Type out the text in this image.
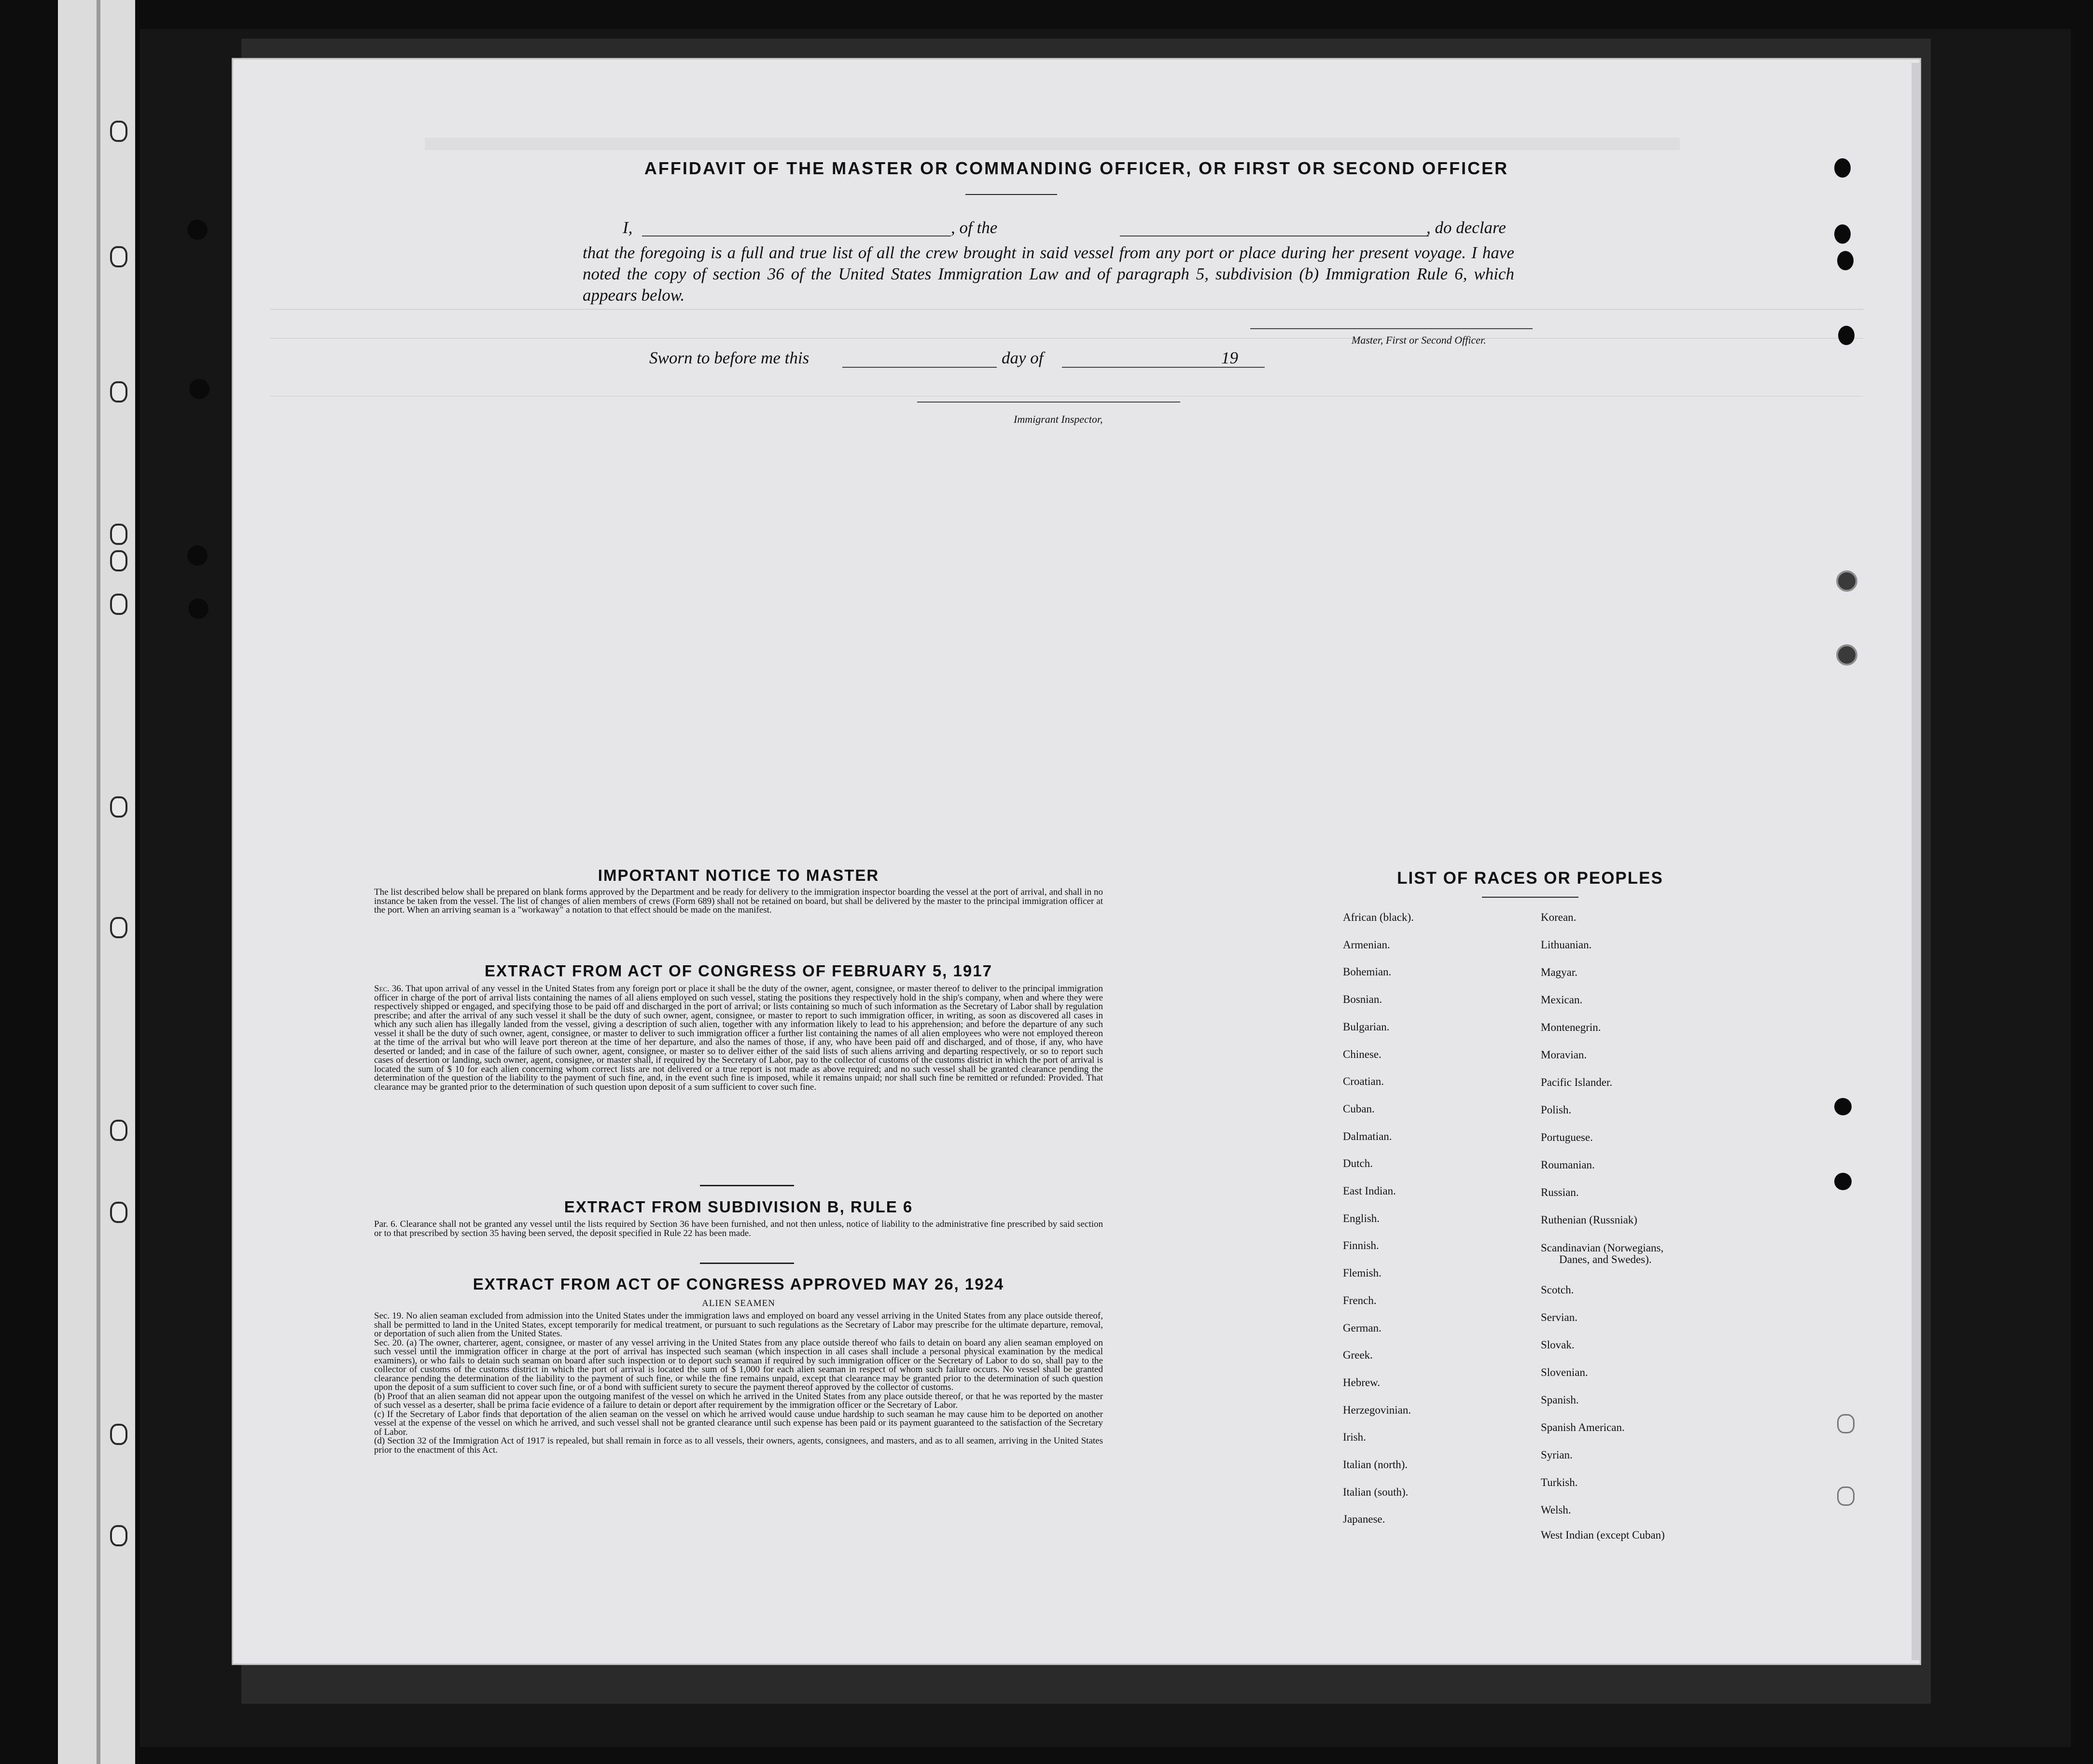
AFFIDAVIT OF THE MASTER OR COMMANDING OFFICER, OR FIRST OR SECOND OFFICER
I,	, of the	, do declare
that the foregoing is a full and true list of all the crew brought in said vessel from any port or place during her present voyage. I have noted the copy of section 36 of the United States Immigration Law and of paragraph 5, subdivision (b) Immigration Rule 6, which appears below.
Master, First or Second Officer.
Sworn to before me this	day of	19
Immigrant Inspector,
IMPORTANT NOTICE TO MASTER

The list described below shall be prepared on blank forms approved by the Department and be ready for delivery to the immigration inspector boarding the vessel at the port of arrival, and shall in no instance be taken from the vessel. The list of changes of alien members of crews (Form 689) shall not be retained on board, but shall be delivered by the master to the principal immigration officer at the port. When an arriving seaman is a "workaway" a notation to that effect should be made on the manifest.

EXTRACT FROM ACT OF CONGRESS OF FEBRUARY 5, 1917

Sec. 36. That upon arrival of any vessel in the United States from any foreign port or place it shall be the duty of the owner, agent, consignee, or master thereof to deliver to the principal immigration officer in charge of the port of arrival lists containing the names of all aliens employed on such vessel, stating the positions they respectively hold in the ship's company, when and where they were respectively shipped or engaged, and specifying those to be paid off and discharged in the port of arrival; or lists containing so much of such information as the Secretary of Labor shall by regulation prescribe; and after the arrival of any such vessel it shall be the duty of such owner, agent, consignee, or master to report to such immigration officer, in writing, as soon as discovered all cases in which any such alien has illegally landed from the vessel, giving a description of such alien, together with any information likely to lead to his apprehension; and before the departure of any such vessel it shall be the duty of such owner, agent, consignee, or master to deliver to such immigration officer a further list containing the names of all alien employees who were not employed thereon at the time of the arrival but who will leave port thereon at the time of her departure, and also the names of those, if any, who have been paid off and discharged, and of those, if any, who have deserted or landed; and in case of the failure of such owner, agent, consignee, or master so to deliver either of the said lists of such aliens arriving and departing respectively, or so to report such cases of desertion or landing, such owner, agent, consignee, or master shall, if required by the Secretary of Labor, pay to the collector of customs of the customs district in which the port of arrival is located the sum of $ 10 for each alien concerning whom correct lists are not delivered or a true report is not made as above required; and no such vessel shall be granted clearance pending the determination of the question of the liability to the payment of such fine, and, in the event such fine is imposed, while it remains unpaid; nor shall such fine be remitted or refunded: Provided. That clearance may be granted prior to the determination of such question upon deposit of a sum sufficient to cover such fine.

EXTRACT FROM SUBDIVISION B, RULE 6

Par. 6. Clearance shall not be granted any vessel until the lists required by Section 36 have been furnished, and not then unless, notice of liability to the administrative fine prescribed by said section or to that prescribed by section 35 having been served, the deposit specified in Rule 22 has been made.

EXTRACT FROM ACT OF CONGRESS APPROVED MAY 26, 1924
ALIEN SEAMEN

Sec. 19. No alien seaman excluded from admission into the United States under the immigration laws and employed on board any vessel arriving in the United States from any place outside thereof, shall be permitted to land in the United States, except temporarily for medical treatment, or pursuant to such regulations as the Secretary of Labor may prescribe for the ultimate departure, removal, or deportation of such alien from the United States.

Sec. 20. (a) The owner, charterer, agent, consignee, or master of any vessel arriving in the United States from any place outside thereof who fails to detain on board any alien seaman employed on such vessel until the immigration officer in charge at the port of arrival has inspected such seaman (which inspection in all cases shall include a personal physical examination by the medical examiners), or who fails to detain such seaman on board after such inspection or to deport such seaman if required by such immigration officer or the Secretary of Labor to do so, shall pay to the collector of customs of the customs district in which the port of arrival is located the sum of $ 1,000 for each alien seaman in respect of whom such failure occurs. No vessel shall be granted clearance pending the determination of the liability to the payment of such fine, or while the fine remains unpaid, except that clearance may be granted prior to the determination of such question upon the deposit of a sum sufficient to cover such fine, or of a bond with sufficient surety to secure the payment thereof approved by the collector of customs.

(b) Proof that an alien seaman did not appear upon the outgoing manifest of the vessel on which he arrived in the United States from any place outside thereof, or that he was reported by the master of such vessel as a deserter, shall be prima facie evidence of a failure to detain or deport after requirement by the immigration officer or the Secretary of Labor.

(c) If the Secretary of Labor finds that deportation of the alien seaman on the vessel on which he arrived would cause undue hardship to such seaman he may cause him to be deported on another vessel at the expense of the vessel on which he arrived, and such vessel shall not be granted clearance until such expense has been paid or its payment guaranteed to the satisfaction of the Secretary of Labor.

(d) Section 32 of the Immigration Act of 1917 is repealed, but shall remain in force as to all vessels, their owners, agents, consignees, and masters, and as to all seamen, arriving in the United States prior to the enactment of this Act.

LIST OF RACES OR PEOPLES
African (black).
Armenian.
Bohemian.
Bosnian.
Bulgarian.
Chinese.
Croatian.
Cuban.
Dalmatian.
Dutch.
East Indian.
English.
Finnish.
Flemish.
French.
German.
Greek.
Hebrew.
Herzegovinian.
Irish.
Italian (north).
Italian (south).
Japanese.
Korean.
Lithuanian.
Magyar.
Mexican.
Montenegrin.
Moravian.
Pacific Islander.
Polish.
Portuguese.
Roumanian.
Russian.
Ruthenian (Russniak)
Scandinavian (Norwegians,
Danes, and Swedes).
Scotch.
Servian.
Slovak.
Slovenian.
Spanish.
Spanish American.
Syrian.
Turkish.
Welsh.
West Indian (except Cuban)
